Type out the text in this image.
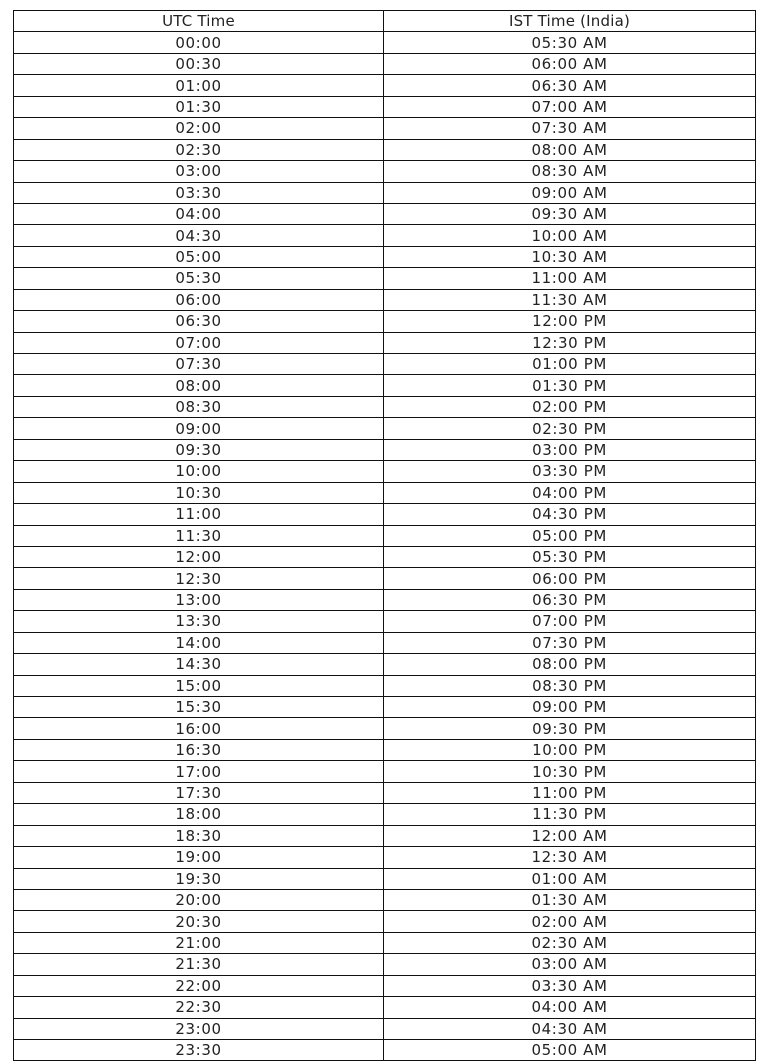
UTC Time	IST Time (India)
00:00	05:30 AM
00:30	06:00 AM
01:00	06:30 AM
01:30	07:00 AM
02:00	07:30 AM
02:30	08:00 AM
03:00	08:30 AM
03:30	09:00 AM
04:00	09:30 AM
04:30	10:00 AM
05:00	10:30 AM
05:30	11:00 AM
06:00	11:30 AM
06:30	12:00 PM
07:00	12:30 PM
07:30	01:00 PM
08:00	01:30 PM
08:30	02:00 PM
09:00	02:30 PM
09:30	03:00 PM
10:00	03:30 PM
10:30	04:00 PM
11:00	04:30 PM
11:30	05:00 PM
12:00	05:30 PM
12:30	06:00 PM
13:00	06:30 PM
13:30	07:00 PM
14:00	07:30 PM
14:30	08:00 PM
15:00	08:30 PM
15:30	09:00 PM
16:00	09:30 PM
16:30	10:00 PM
17:00	10:30 PM
17:30	11:00 PM
18:00	11:30 PM
18:30	12:00 AM
19:00	12:30 AM
19:30	01:00 AM
20:00	01:30 AM
20:30	02:00 AM
21:00	02:30 AM
21:30	03:00 AM
22:00	03:30 AM
22:30	04:00 AM
23:00	04:30 AM
23:30	05:00 AM
